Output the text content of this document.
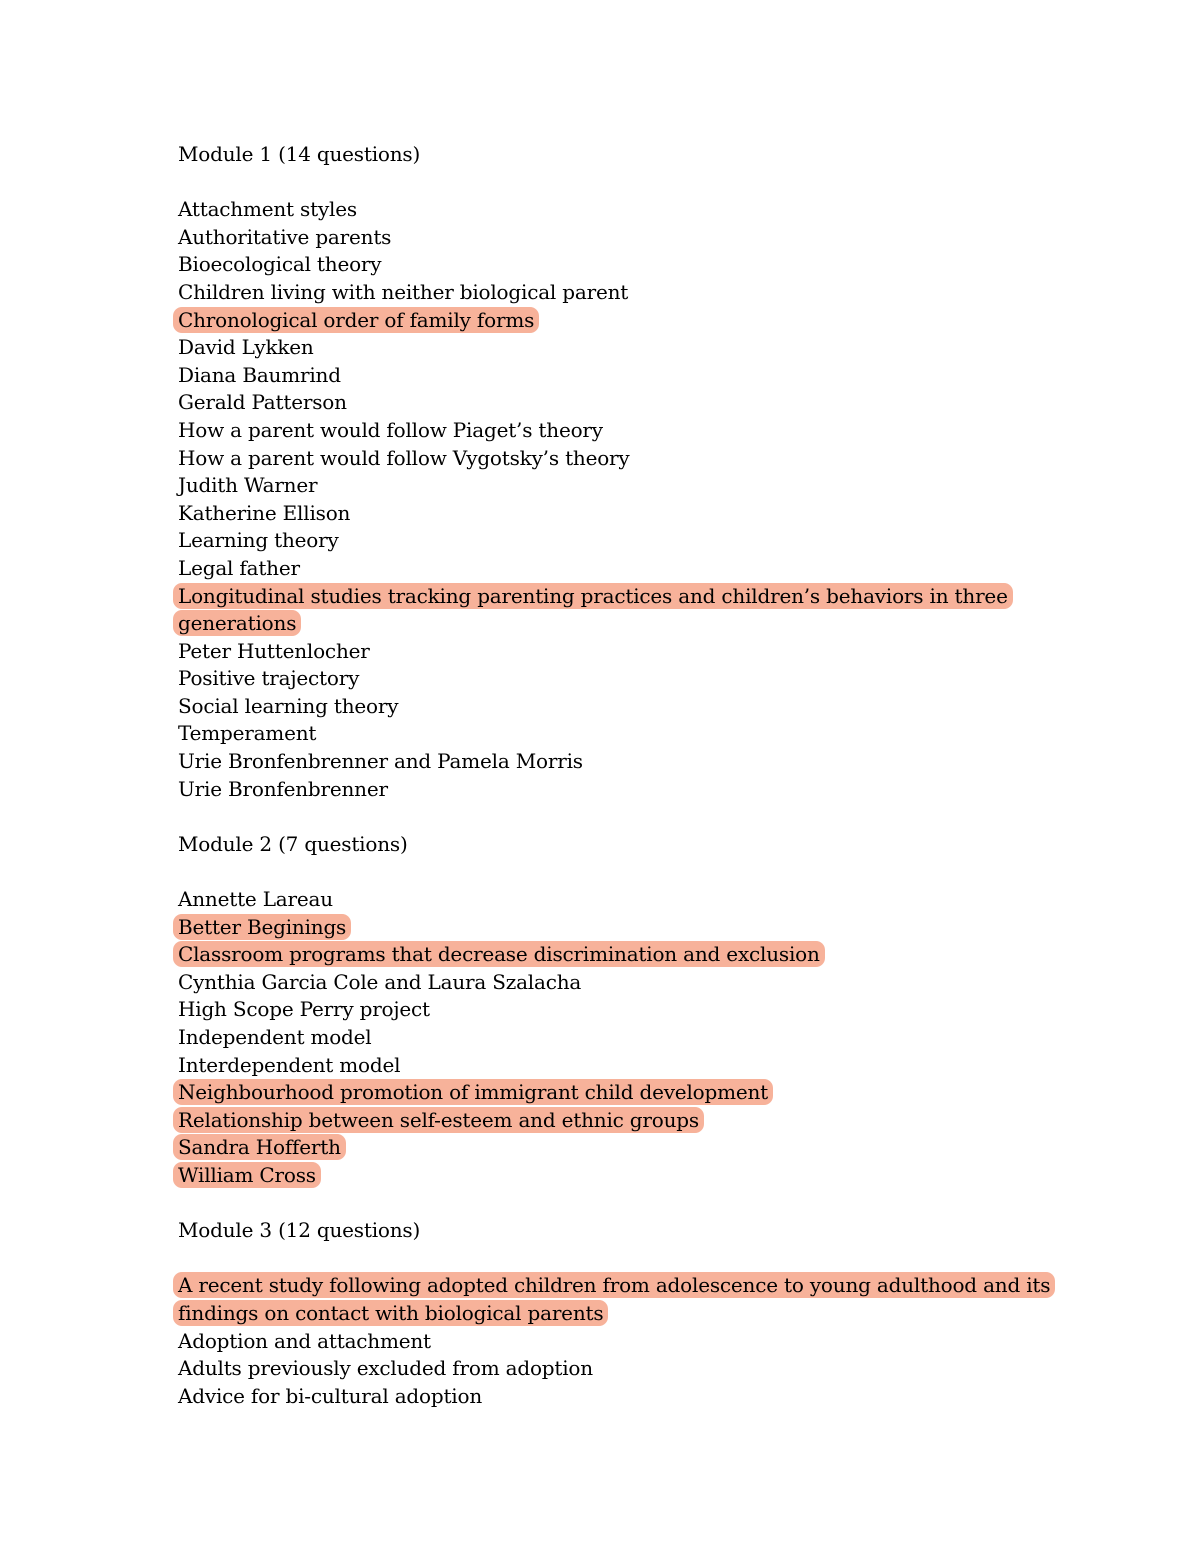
Module 1 (14 questions)
Attachment styles
Authoritative parents
Bioecological theory
Children living with neither biological parent
Chronological order of family forms
David Lykken
Diana Baumrind
Gerald Patterson
How a parent would follow Piaget’s theory
How a parent would follow Vygotsky’s theory
Judith Warner
Katherine Ellison
Learning theory
Legal father
Longitudinal studies tracking parenting practices and children’s behaviors in three generations
Peter Huttenlocher
Positive trajectory
Social learning theory
Temperament
Urie Bronfenbrenner and Pamela Morris
Urie Bronfenbrenner
Module 2 (7 questions)
Annette Lareau
Better Beginings
Classroom programs that decrease discrimination and exclusion
Cynthia Garcia Cole and Laura Szalacha
High Scope Perry project
Independent model
Interdependent model
Neighbourhood promotion of immigrant child development
Relationship between self-esteem and ethnic groups
Sandra Hofferth
William Cross
Module 3 (12 questions)
A recent study following adopted children from adolescence to young adulthood and its findings on contact with biological parents
Adoption and attachment
Adults previously excluded from adoption
Advice for bi-cultural adoption
